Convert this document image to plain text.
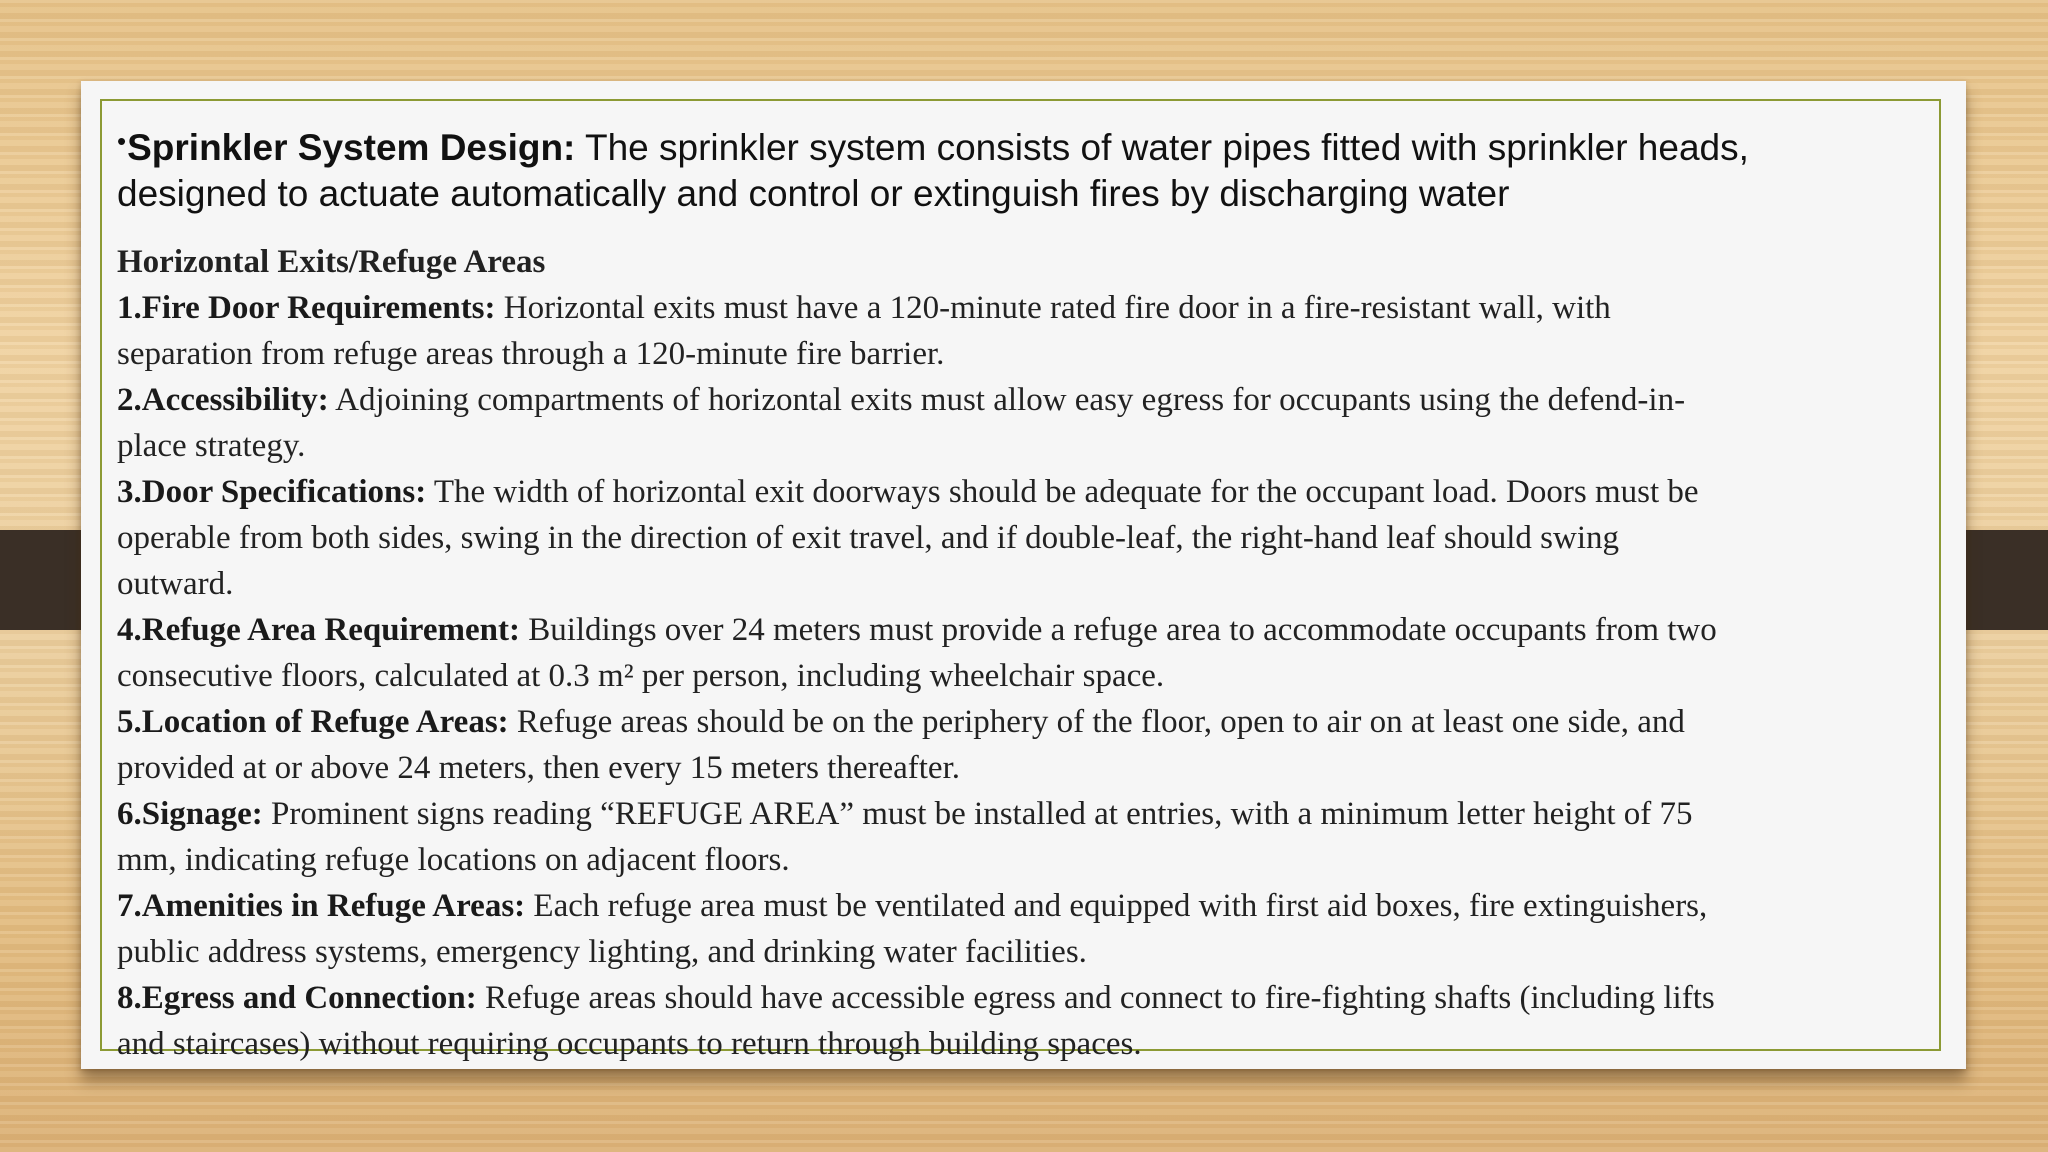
•Sprinkler System Design: The sprinkler system consists of water pipes fitted with sprinkler heads,
designed to actuate automatically and control or extinguish fires by discharging water
Horizontal Exits/Refuge Areas
1.Fire Door Requirements: Horizontal exits must have a 120-minute rated fire door in a fire-resistant wall, with
separation from refuge areas through a 120-minute fire barrier.
2.Accessibility: Adjoining compartments of horizontal exits must allow easy egress for occupants using the defend-in-
place strategy.
3.Door Specifications: The width of horizontal exit doorways should be adequate for the occupant load. Doors must be
operable from both sides, swing in the direction of exit travel, and if double-leaf, the right-hand leaf should swing
outward.
4.Refuge Area Requirement: Buildings over 24 meters must provide a refuge area to accommodate occupants from two
consecutive floors, calculated at 0.3 m² per person, including wheelchair space.
5.Location of Refuge Areas: Refuge areas should be on the periphery of the floor, open to air on at least one side, and
provided at or above 24 meters, then every 15 meters thereafter.
6.Signage: Prominent signs reading “REFUGE AREA” must be installed at entries, with a minimum letter height of 75
mm, indicating refuge locations on adjacent floors.
7.Amenities in Refuge Areas: Each refuge area must be ventilated and equipped with first aid boxes, fire extinguishers,
public address systems, emergency lighting, and drinking water facilities.
8.Egress and Connection: Refuge areas should have accessible egress and connect to fire-fighting shafts (including lifts
and staircases) without requiring occupants to return through building spaces.
